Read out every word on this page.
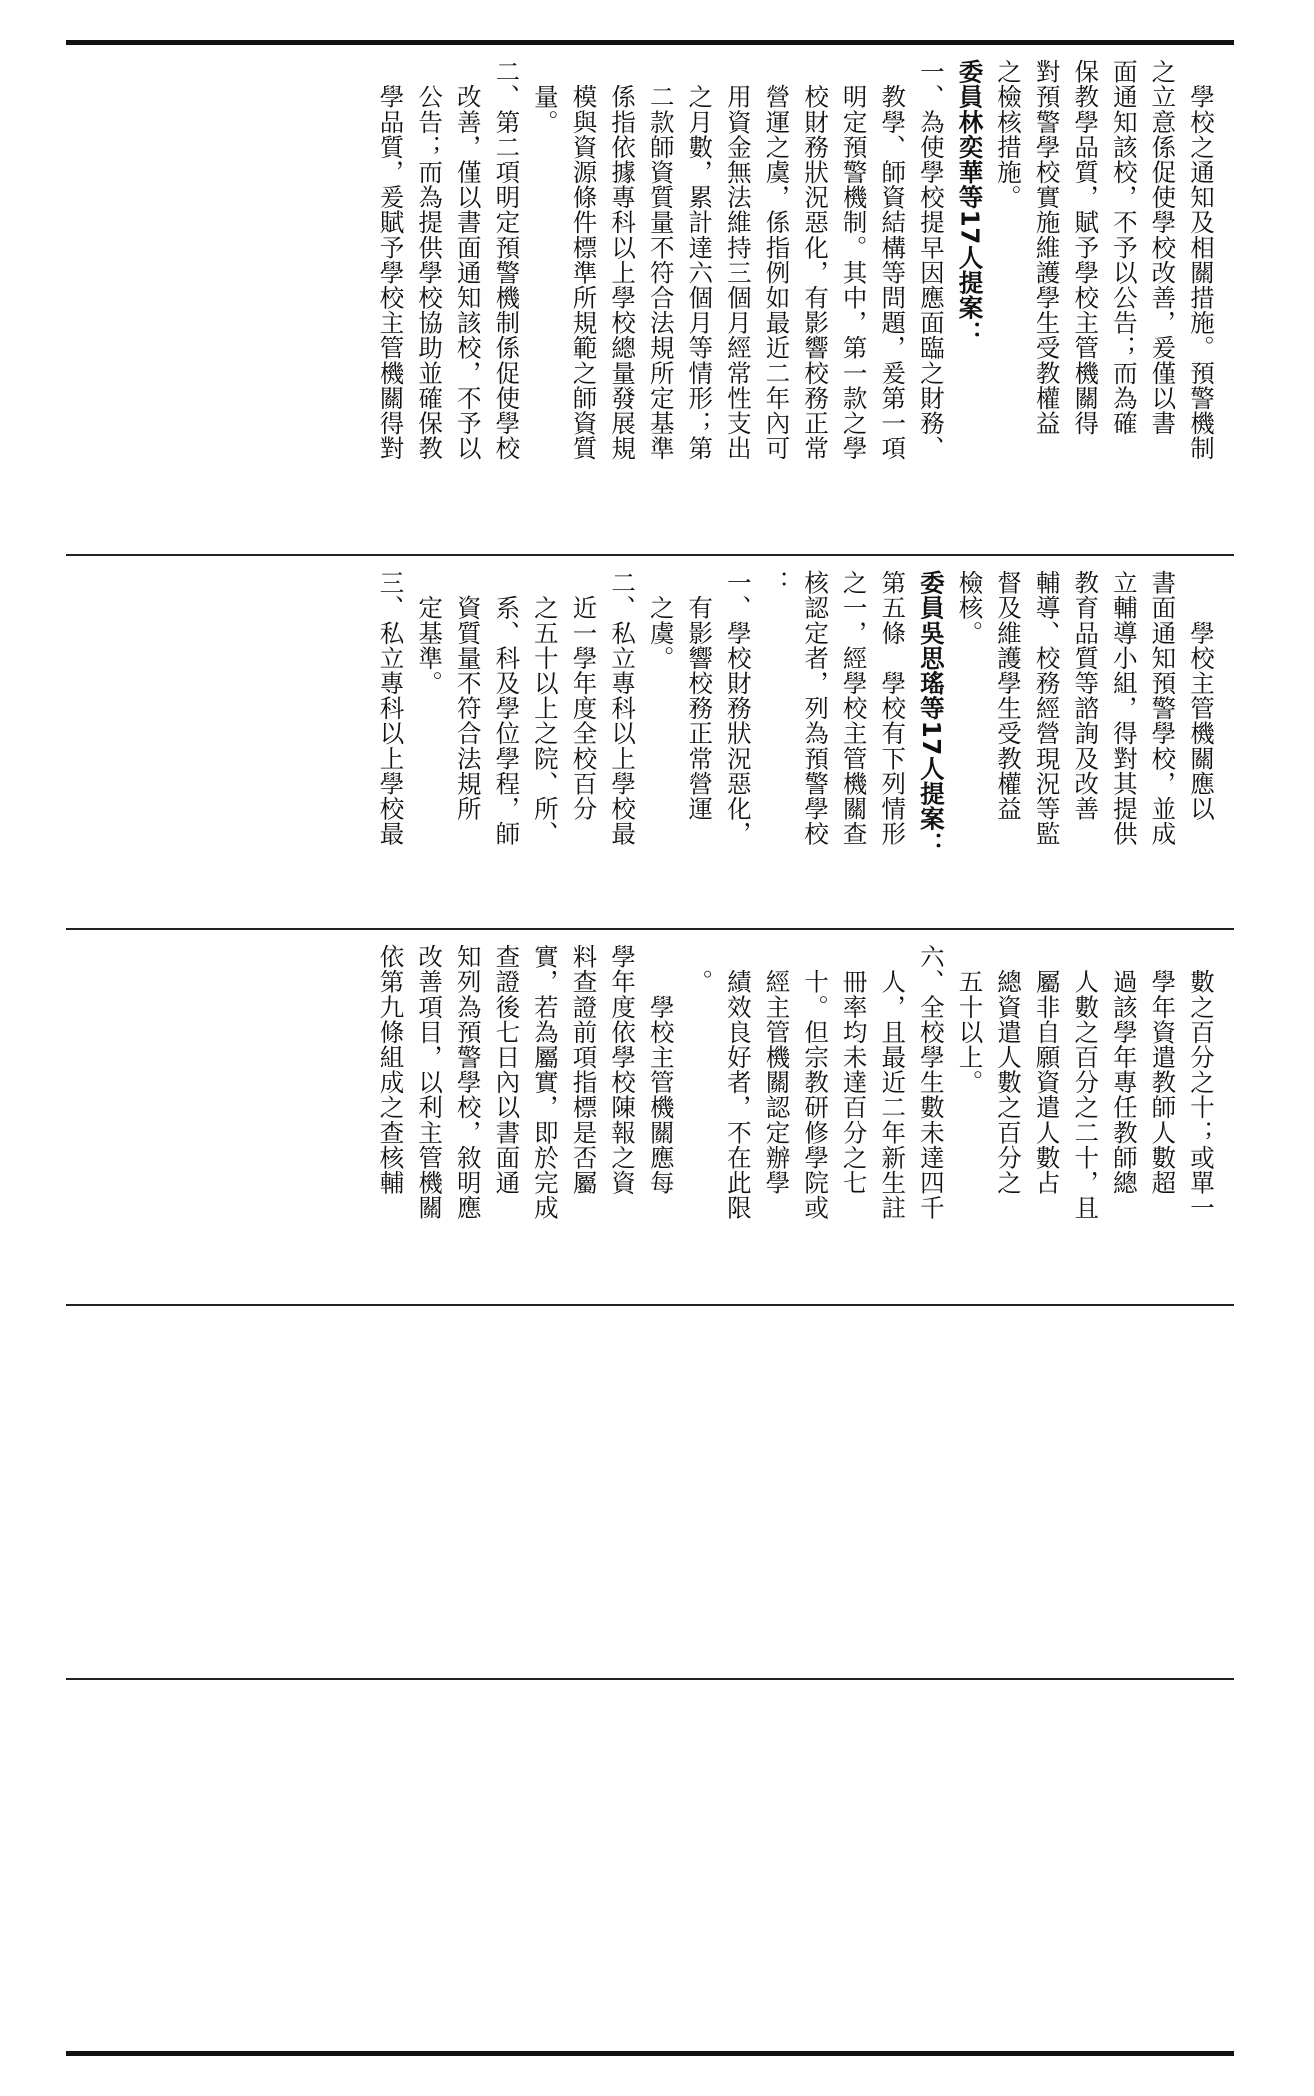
　學校之通知及相關措施。預警機制
之立意係促使學校改善，爰僅以書
面通知該校，不予以公告；而為確
保教學品質，賦予學校主管機關得
對預警學校實施維護學生受教權益
之檢核措施。
委員林奕華等17人提案：
一、為使學校提早因應面臨之財務、
　教學、師資結構等問題，爰第一項
　明定預警機制。其中，第一款之學
　校財務狀況惡化，有影響校務正常
　營運之虞，係指例如最近二年內可
　用資金無法維持三個月經常性支出
　之月數，累計達六個月等情形；第
　二款師資質量不符合法規所定基準
　係指依據專科以上學校總量發展規
　模與資源條件標準所規範之師資質
　量。
二、第二項明定預警機制係促使學校
　改善，僅以書面通知該校，不予以
　公告；而為提供學校協助並確保教
　學品質，爰賦予學校主管機關得對
　　學校主管機關應以
書面通知預警學校，並成
立輔導小組，得對其提供
教育品質等諮詢及改善
輔導、校務經營現況等監
督及維護學生受教權益
檢核。
委員吳思瑤等17人提案：
第五條　學校有下列情形
之一，經學校主管機關查
核認定者，列為預警學校
：
一、學校財務狀況惡化，
　有影響校務正常營運
　之虞。
二、私立專科以上學校最
　近一學年度全校百分
　之五十以上之院、所、
　系、科及學位學程，師
　資質量不符合法規所
　定基準。
三、私立專科以上學校最
　數之百分之十；或單一
　學年資遣教師人數超
　過該學年專任教師總
　人數之百分之二十，且
　屬非自願資遣人數占
　總資遣人數之百分之
　五十以上。
六、全校學生數未達四千
　人，且最近二年新生註
　冊率均未達百分之七
　十。但宗教研修學院或
　經主管機關認定辦學
　績效良好者，不在此限
　。
　　學校主管機關應每
學年度依學校陳報之資
料查證前項指標是否屬
實，若為屬實，即於完成
查證後七日內以書面通
知列為預警學校，敘明應
改善項目，以利主管機關
依第九條組成之查核輔
